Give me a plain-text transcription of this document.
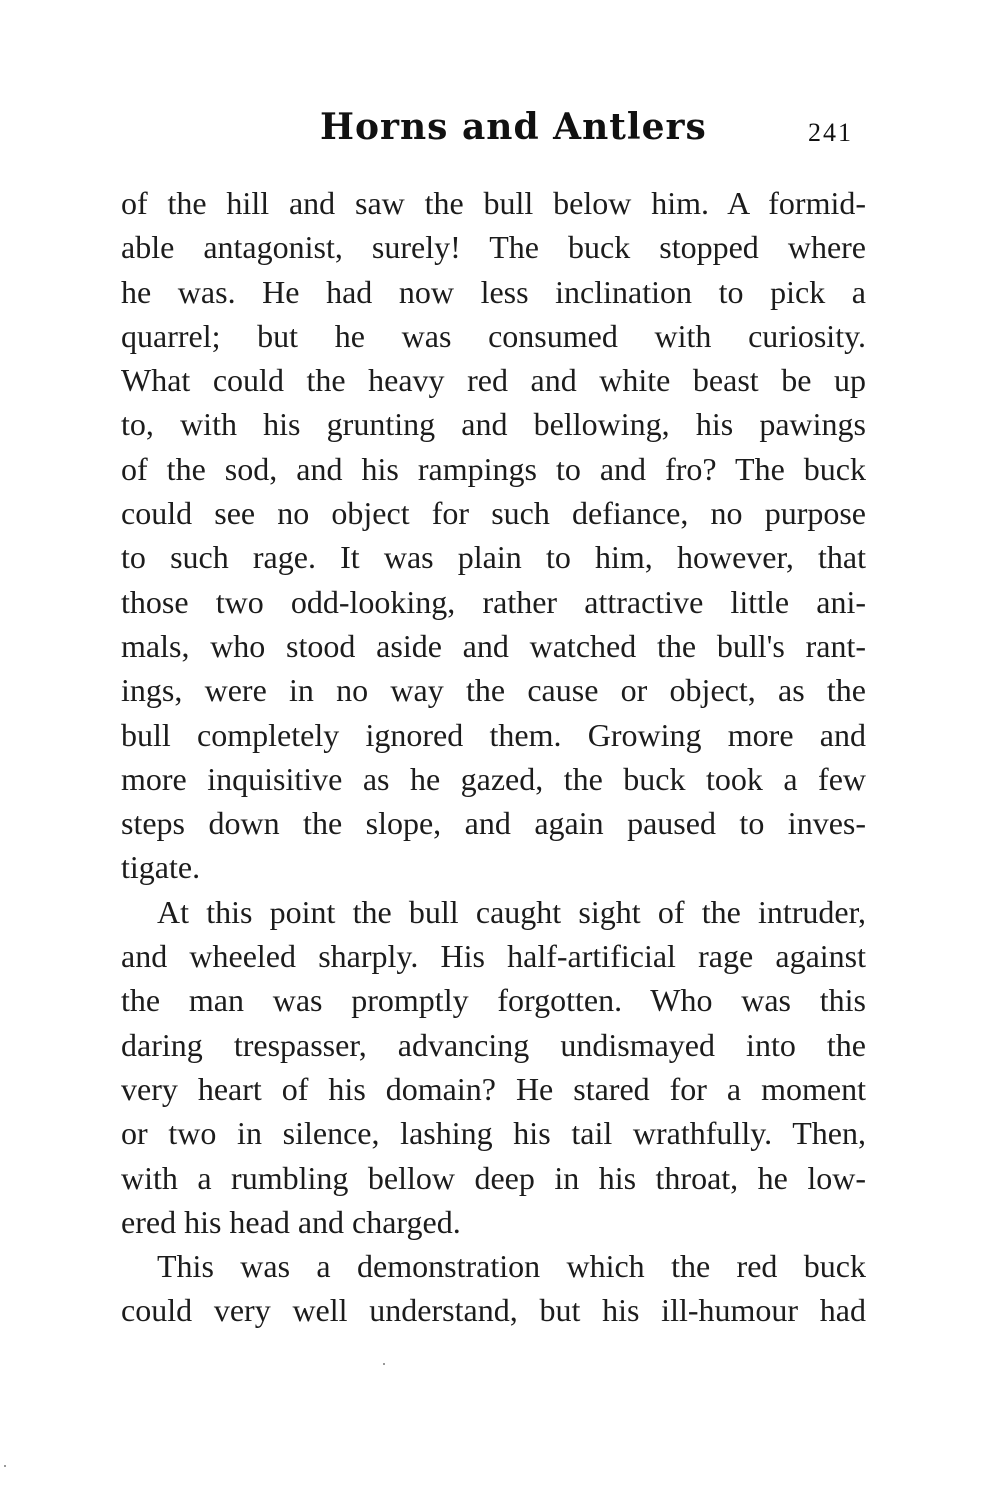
Horns and Antlers	241
of the hill and saw the bull below him. A formid-
able antagonist, surely! The buck stopped where
he was. He had now less inclination to pick a
quarrel; but he was consumed with curiosity.
What could the heavy red and white beast be up
to, with his grunting and bellowing, his pawings
of the sod, and his rampings to and fro? The buck
could see no object for such defiance, no purpose
to such rage. It was plain to him, however, that
those two odd-looking, rather attractive little ani-
mals, who stood aside and watched the bull's rant-
ings, were in no way the cause or object, as the
bull completely ignored them. Growing more and
more inquisitive as he gazed, the buck took a few
steps down the slope, and again paused to inves-
tigate.
At this point the bull caught sight of the intruder,
and wheeled sharply. His half-artificial rage against
the man was promptly forgotten. Who was this
daring trespasser, advancing undismayed into the
very heart of his domain? He stared for a moment
or two in silence, lashing his tail wrathfully. Then,
with a rumbling bellow deep in his throat, he low-
ered his head and charged.
This was a demonstration which the red buck
could very well understand, but his ill-humour had
